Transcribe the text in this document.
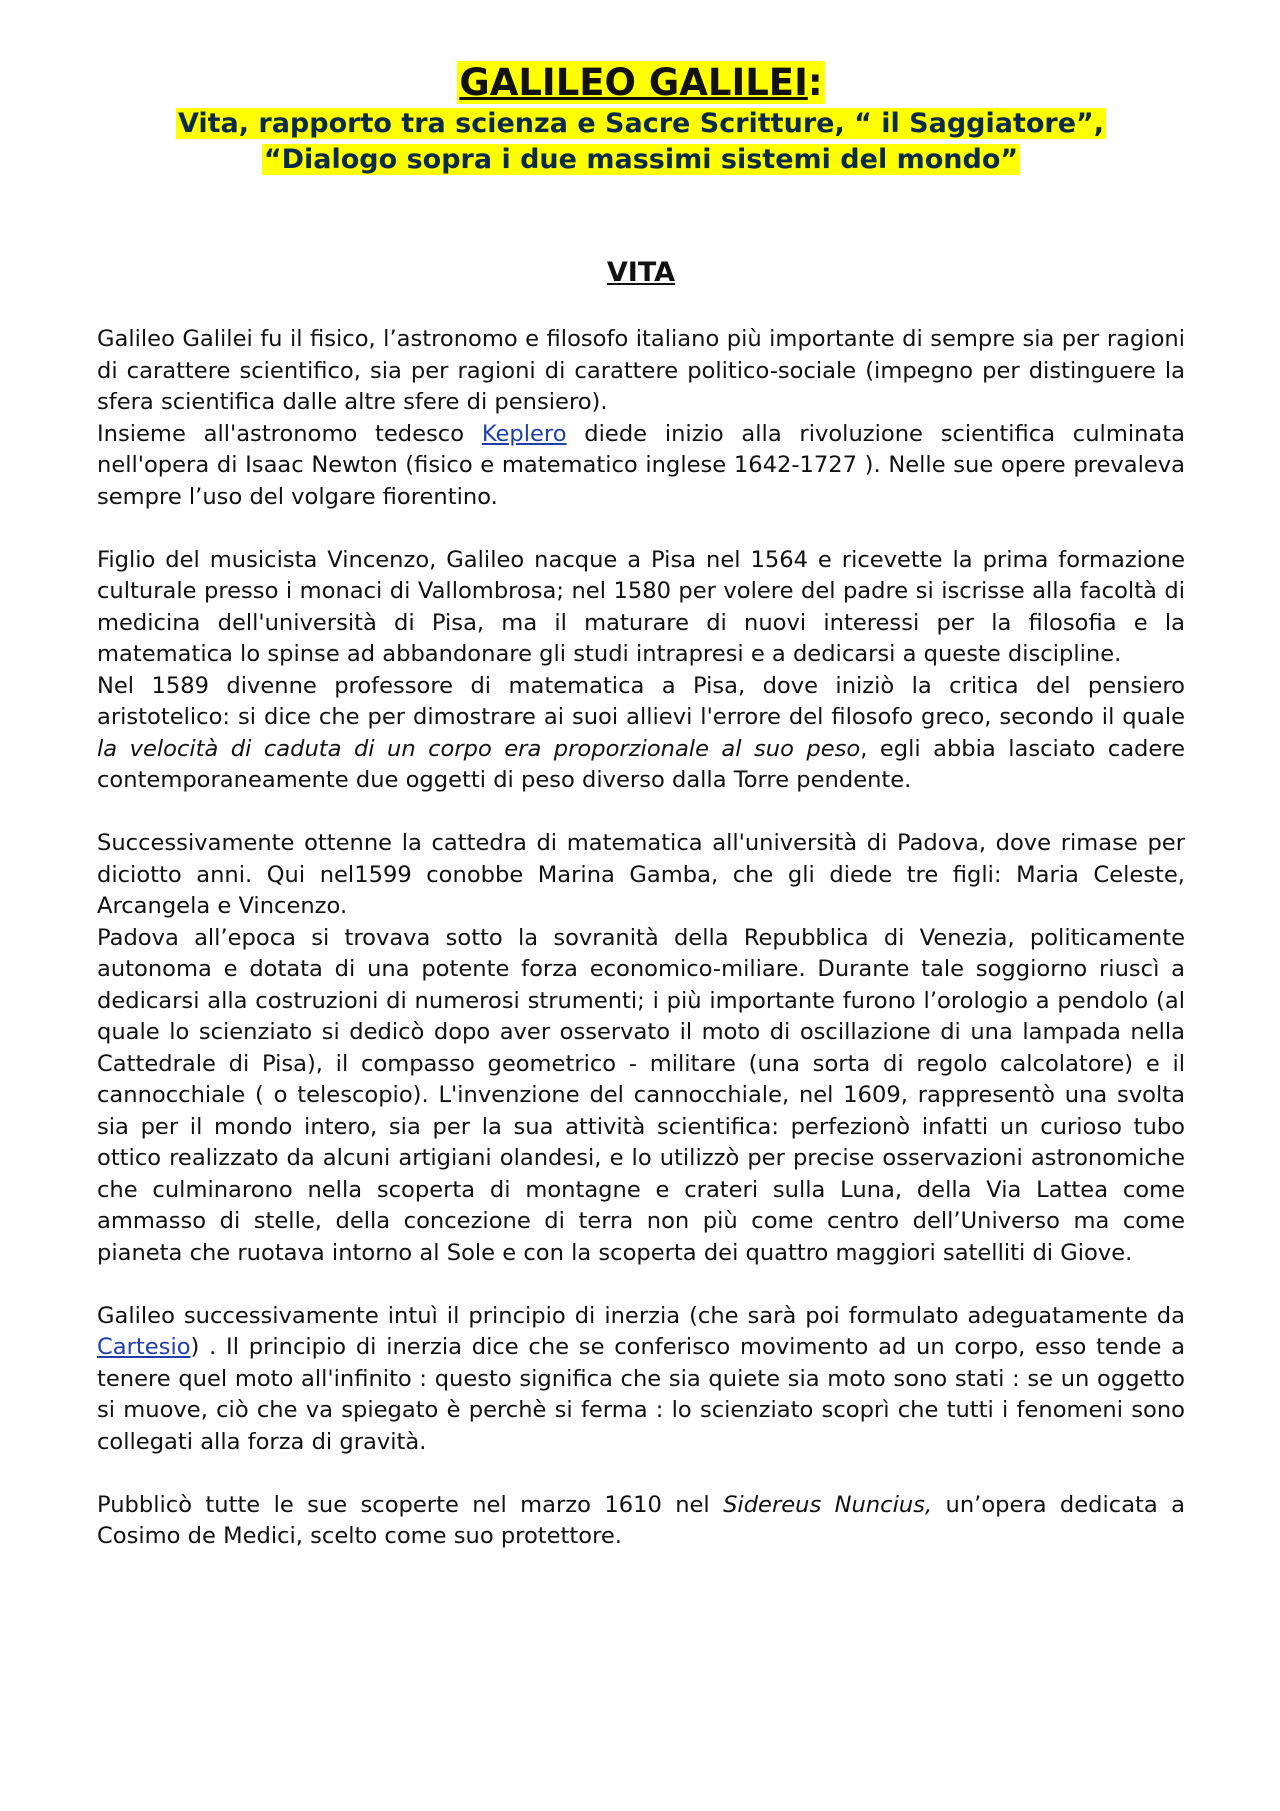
GALILEO GALILEI:

Vita, rapporto tra scienza e Sacre Scritture, “ il Saggiatore”,

“Dialogo sopra i due massimi sistemi del mondo”

VITA

Galileo Galilei fu il fisico, l’astronomo e filosofo italiano più importante di sempre sia per ragioni di carattere scientifico, sia per ragioni di carattere politico-sociale (impegno per distinguere la sfera scientifica dalle altre sfere di pensiero).

Insieme all'astronomo tedesco Keplero diede inizio alla rivoluzione scientifica culminata nell'opera di Isaac Newton (fisico e matematico inglese 1642-1727 ). Nelle sue opere prevaleva sempre l’uso del volgare fiorentino.

Figlio del musicista Vincenzo, Galileo nacque a Pisa nel 1564 e ricevette la prima formazione culturale presso i monaci di Vallombrosa; nel 1580 per volere del padre si iscrisse alla facoltà di medicina dell'università di Pisa, ma il maturare di nuovi interessi per la filosofia e la matematica lo spinse ad abbandonare gli studi intrapresi e a dedicarsi a queste discipline.

Nel 1589 divenne professore di matematica a Pisa, dove iniziò la critica del pensiero aristotelico: si dice che per dimostrare ai suoi allievi l'errore del filosofo greco, secondo il quale la velocità di caduta di un corpo era proporzionale al suo peso, egli abbia lasciato cadere contemporaneamente due oggetti di peso diverso dalla Torre pendente.

Successivamente ottenne la cattedra di matematica all'università di Padova, dove rimase per diciotto anni. Qui nel1599 conobbe Marina Gamba, che gli diede tre figli: Maria Celeste, Arcangela e Vincenzo.

Padova all’epoca si trovava sotto la sovranità della Repubblica di Venezia, politicamente autonoma e dotata di una potente forza economico-miliare. Durante tale soggiorno riuscì a dedicarsi alla costruzioni di numerosi strumenti; i più importante furono l’orologio a pendolo (al quale lo scienziato si dedicò dopo aver osservato il moto di oscillazione di una lampada nella Cattedrale di Pisa), il compasso geometrico - militare (una sorta di regolo calcolatore) e il cannocchiale ( o telescopio). L'invenzione del cannocchiale, nel 1609, rappresentò una svolta sia per il mondo intero, sia per la sua attività scientifica: perfezionò infatti un curioso tubo ottico realizzato da alcuni artigiani olandesi, e lo utilizzò per precise osservazioni astronomiche che culminarono nella scoperta di montagne e crateri sulla Luna, della Via Lattea come ammasso di stelle, della concezione di terra non più come centro dell’Universo ma come pianeta che ruotava intorno al Sole e con la scoperta dei quattro maggiori satelliti di Giove.

Galileo successivamente intuì il principio di inerzia (che sarà poi formulato adeguatamente da Cartesio) . Il principio di inerzia dice che se conferisco movimento ad un corpo, esso tende a tenere quel moto all'infinito : questo significa che sia quiete sia moto sono stati : se un oggetto si muove, ciò che va spiegato è perchè si ferma : lo scienziato scoprì che tutti i fenomeni sono collegati alla forza di gravità.

Pubblicò tutte le sue scoperte nel marzo 1610 nel Sidereus Nuncius, un’opera dedicata a Cosimo de Medici, scelto come suo protettore.
